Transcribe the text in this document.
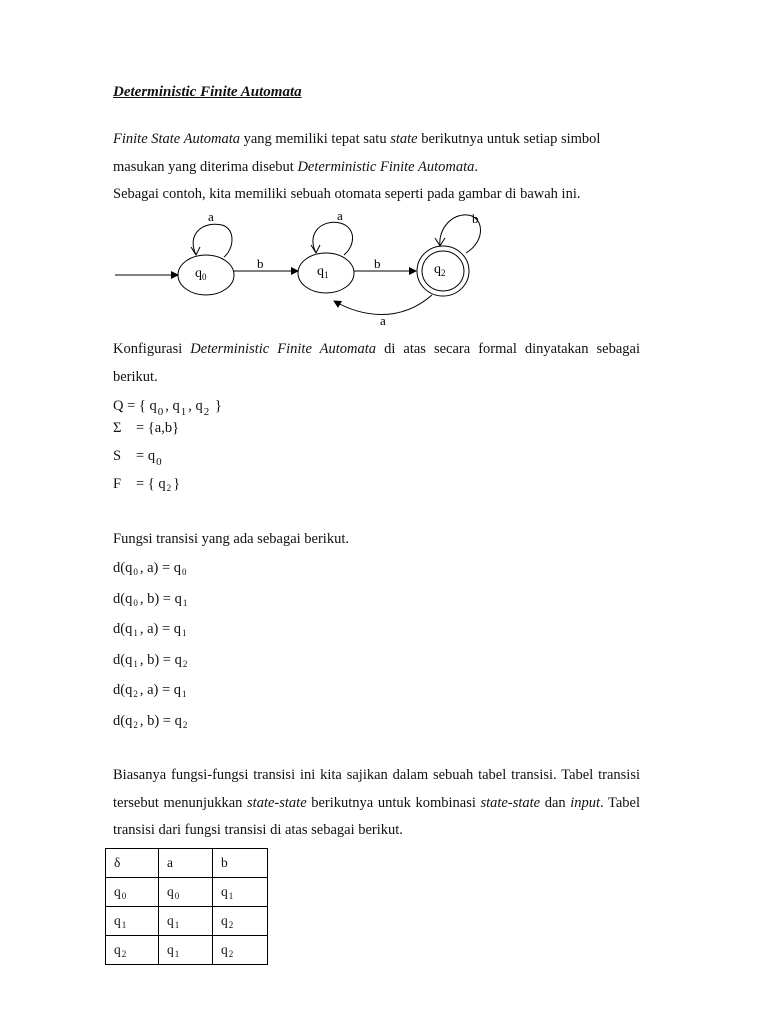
Deterministic Finite Automata
Finite State Automata yang memiliki tepat satu state berikutnya untuk setiap simbol
masukan yang diterima disebut Deterministic Finite Automata.
Sebagai contoh, kita memiliki sebuah otomata seperti pada gambar di bawah ini.
$q_0$
a
b
$q_1$
a
b	$q_2$
b
a
Konfigurasi Deterministic Finite Automata di atas secara formal dinyatakan sebagai
berikut.
Q = { $q_0$ , $q_1$ , $q_2$ }
Σ = {a,b}
$S = q_0$
F = { $q_2$ }
Fungsi transisi yang ada sebagai berikut.
$d(q_0$ , $a) = q_0$
$d(q_0$ , $b) = q_1$
$d(q_1$ , $a) = q_1$
$d(q_1$ , $b) = q_2$
$d(q_2$ , $a) = q_1$
$d(q_2$ , $b) = q_2$
Biasanya fungsi-fungsi transisi ini kita sajikan dalam sebuah tabel transisi. Tabel transisi
tersebut menunjukkan state-state berikutnya untuk kombinasi state-state dan input. Tabel
transisi dari fungsi transisi di atas sebagai berikut.
δ	a	b
$q_0$	$q_0$	$q_1$
$q_1$	$q_1$	$q_2$
$q_2$	$q_1$	$q_2$
